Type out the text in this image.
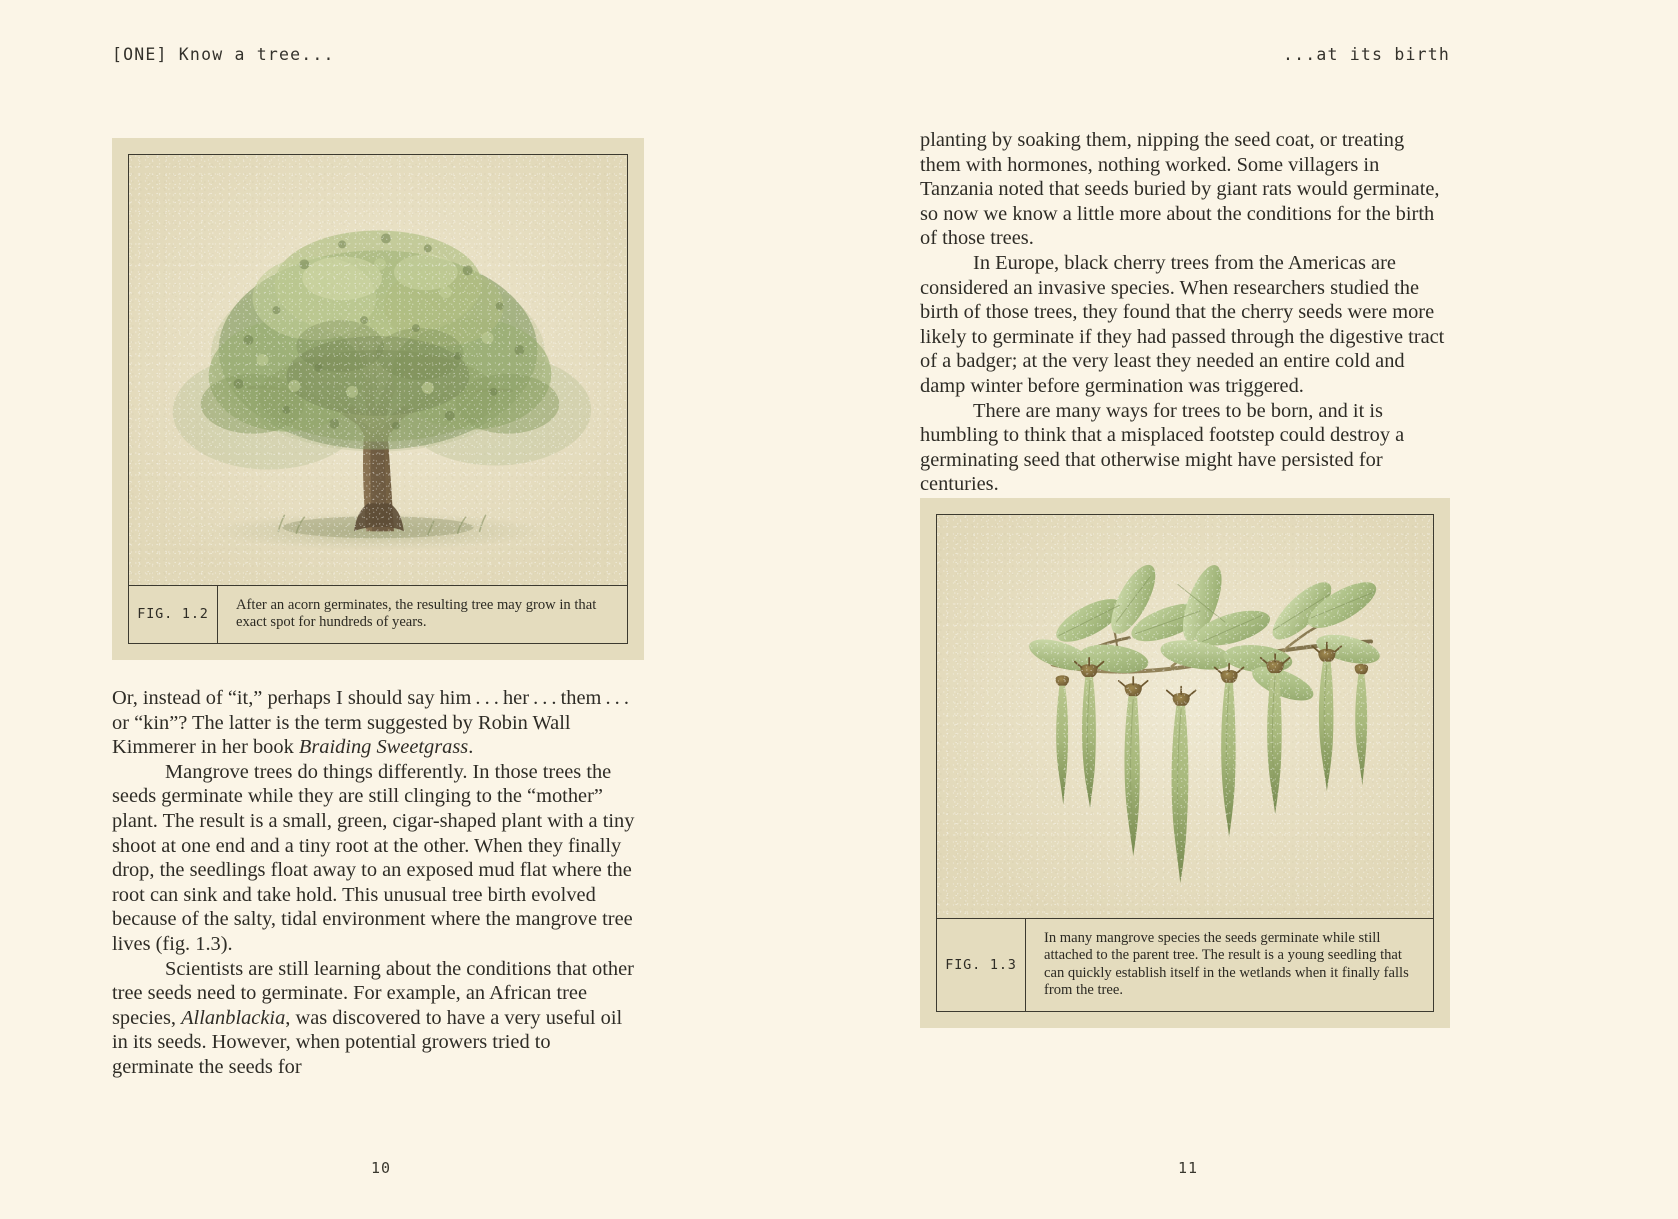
[ONE] Know a tree...	...at its birth
FIG. 1.2
After an acorn germinates, the resulting tree may grow in that exact spot for hundreds of years.

Or, instead of “it,” perhaps I should say him . . . her . . . them . . . or “kin”? The latter is the term suggested by Robin Wall Kimmerer in her book Braiding Sweetgrass.

Mangrove trees do things differently. In those trees the seeds germinate while they are still clinging to the “mother” plant. The result is a small, green, cigar-shaped plant with a tiny shoot at one end and a tiny root at the other. When they finally drop, the seedlings float away to an exposed mud flat where the root can sink and take hold. This unusual tree birth evolved because of the salty, tidal environment where the mangrove tree lives (fig. 1.3).

Scientists are still learning about the conditions that other tree seeds need to germinate. For example, an African tree species, Allanblackia, was discovered to have a very useful oil in its seeds. However, when potential growers tried to germinate the seeds for

planting by soaking them, nipping the seed coat, or treating them with hormones, nothing worked. Some villagers in Tanzania noted that seeds buried by giant rats would germinate, so now we know a little more about the conditions for the birth of those trees.

In Europe, black cherry trees from the Americas are considered an invasive species. When researchers studied the birth of those trees, they found that the cherry seeds were more likely to germinate if they had passed through the digestive tract of a badger; at the very least they needed an entire cold and damp winter before germination was triggered.

There are many ways for trees to be born, and it is humbling to think that a misplaced footstep could destroy a germinating seed that otherwise might have persisted for centuries.

FIG. 1.3
In many mangrove species the seeds germinate while still attached to the parent tree. The result is a young seedling that can quickly establish itself in the wetlands when it finally falls from the tree.
10	11
